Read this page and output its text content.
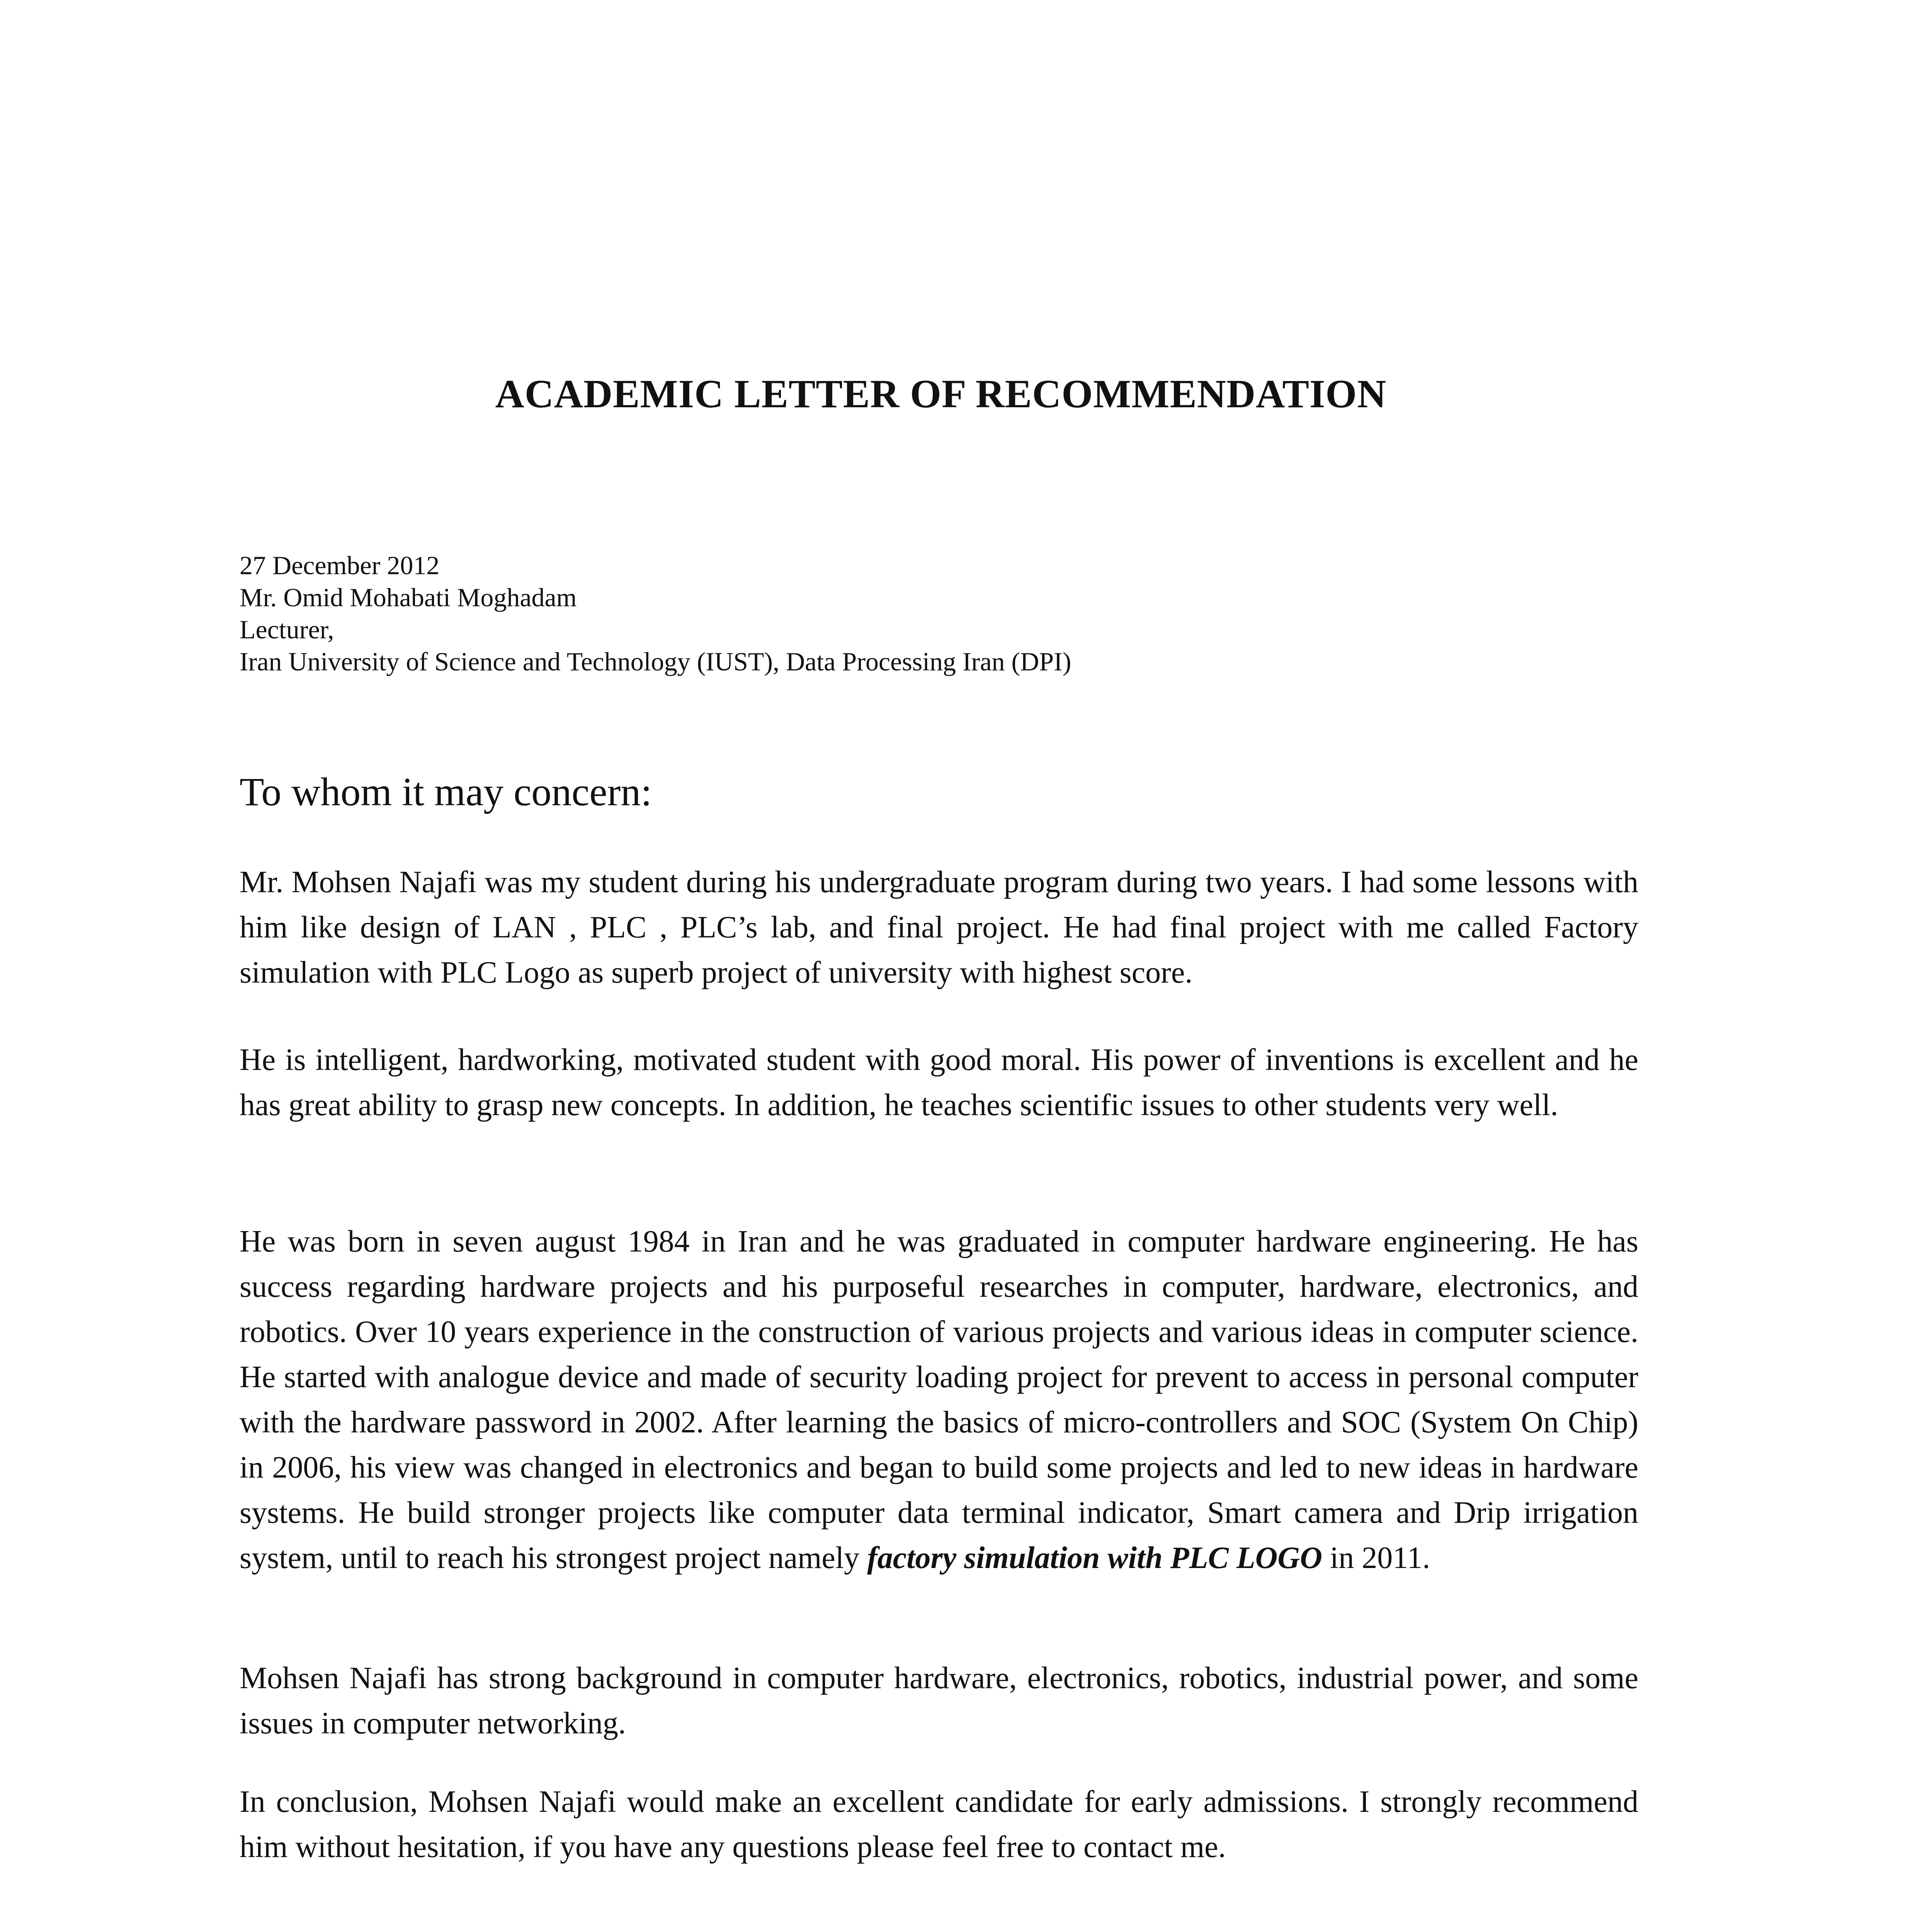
ACADEMIC LETTER OF RECOMMENDATION
27 December 2012
Mr. Omid Mohabati Moghadam
Lecturer,
Iran University of Science and Technology (IUST), Data Processing Iran (DPI)
To whom it may concern:

Mr. Mohsen Najafi was my student during his undergraduate program during two years. I had some lessons with him like design of LAN , PLC , PLC’s lab, and final project. He had final project with me called Factory simulation with PLC Logo as superb project of university with highest score.

He is intelligent, hardworking, motivated student with good moral. His power of inventions is excellent and he has great ability to grasp new concepts. In addition, he teaches scientific issues to other students very well.

He was born in seven august 1984 in Iran and he was graduated in computer hardware engineering. He has success regarding hardware projects and his purposeful researches in computer, hardware, electronics, and robotics. Over 10 years experience in the construction of various projects and various ideas in computer science. He started with analogue device and made of security loading project for prevent to access in personal computer with the hardware password in 2002. After learning the basics of micro-controllers and SOC (System On Chip) in 2006, his view was changed in electronics and began to build some projects and led to new ideas in hardware systems. He build stronger projects like computer data terminal indicator, Smart camera and Drip irrigation system, until to reach his strongest project namely factory simulation with PLC LOGO in 2011.

Mohsen Najafi has strong background in computer hardware, electronics, robotics, industrial power, and some issues in computer networking.

In conclusion, Mohsen Najafi would make an excellent candidate for early admissions. I strongly recommend him without hesitation, if you have any questions please feel free to contact me.
